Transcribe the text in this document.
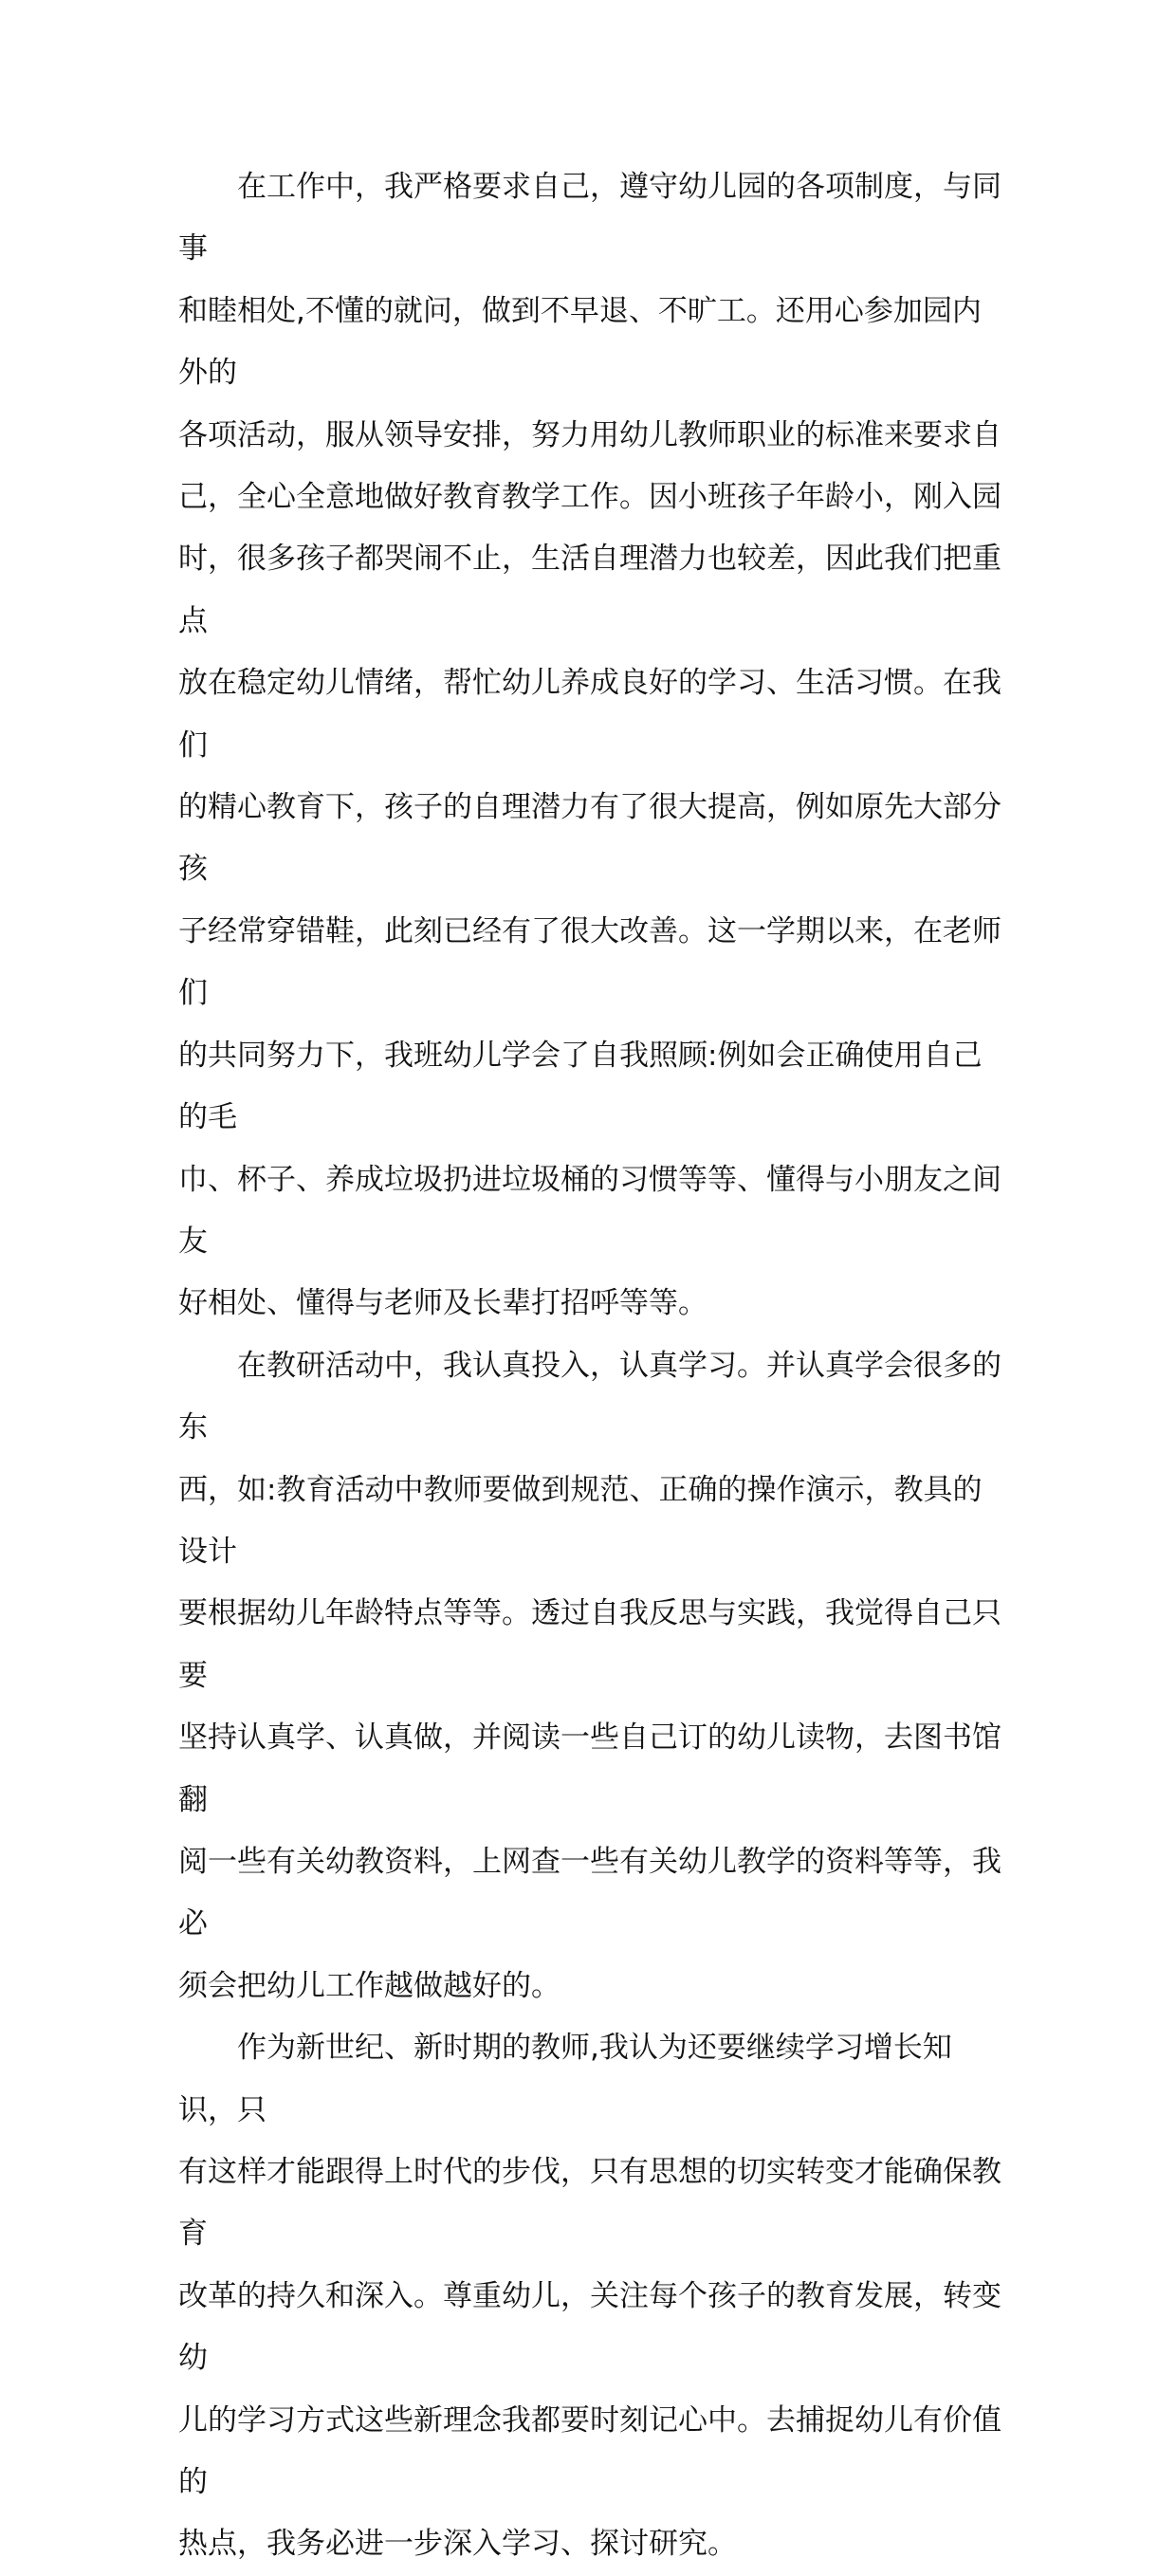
在工作中，我严格要求自己，遵守幼儿园的各项制度，与同事
和睦相处,不懂的就问，做到不早退、不旷工。还用心参加园内外的
各项活动，服从领导安排，努力用幼儿教师职业的标准来要求自
己，全心全意地做好教育教学工作。因小班孩子年龄小，刚入园
时，很多孩子都哭闹不止，生活自理潜力也较差，因此我们把重点
放在稳定幼儿情绪，帮忙幼儿养成良好的学习、生活习惯。在我们
的精心教育下，孩子的自理潜力有了很大提高，例如原先大部分孩
子经常穿错鞋，此刻已经有了很大改善。这一学期以来，在老师们
的共同努力下，我班幼儿学会了自我照顾:例如会正确使用自己的毛
巾、杯子、养成垃圾扔进垃圾桶的习惯等等、懂得与小朋友之间友
好相处、懂得与老师及长辈打招呼等等。

在教研活动中，我认真投入，认真学习。并认真学会很多的东
西，如:教育活动中教师要做到规范、正确的操作演示，教具的设计
要根据幼儿年龄特点等等。透过自我反思与实践，我觉得自己只要
坚持认真学、认真做，并阅读一些自己订的幼儿读物，去图书馆翻
阅一些有关幼教资料，上网查一些有关幼儿教学的资料等等，我必
须会把幼儿工作越做越好的。

作为新世纪、新时期的教师,我认为还要继续学习增长知识，只
有这样才能跟得上时代的步伐，只有思想的切实转变才能确保教育
改革的持久和深入。尊重幼儿，关注每个孩子的教育发展，转变幼
儿的学习方式这些新理念我都要时刻记心中。去捕捉幼儿有价值的
热点，我务必进一步深入学习、探讨研究。
